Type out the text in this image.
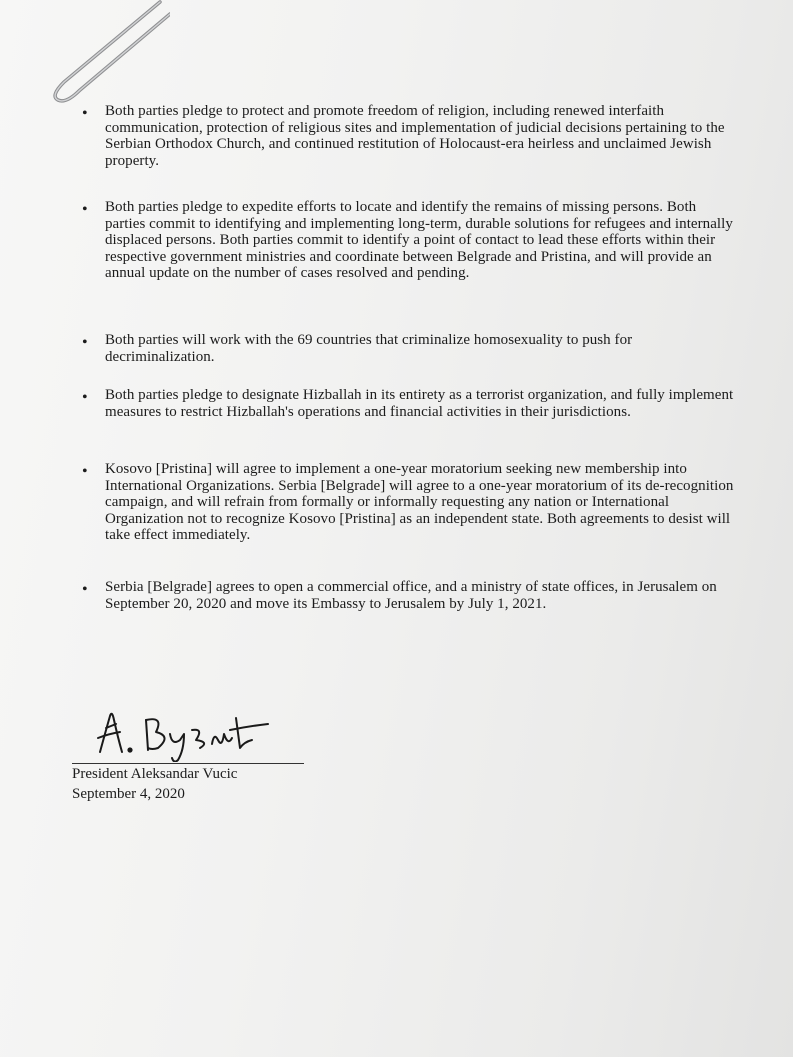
• Both parties pledge to protect and promote freedom of religion, including renewed interfaith communication, protection of religious sites and implementation of judicial decisions pertaining to the Serbian Orthodox Church, and continued restitution of Holocaust-era heirless and unclaimed Jewish property.
• Both parties pledge to expedite efforts to locate and identify the remains of missing persons. Both parties commit to identifying and implementing long-term, durable solutions for refugees and internally displaced persons. Both parties commit to identify a point of contact to lead these efforts within their respective government ministries and coordinate between Belgrade and Pristina, and will provide an annual update on the number of cases resolved and pending.
• Both parties will work with the 69 countries that criminalize homosexuality to push for decriminalization.
• Both parties pledge to designate Hizballah in its entirety as a terrorist organization, and fully implement measures to restrict Hizballah's operations and financial activities in their jurisdictions.
• Kosovo [Pristina] will agree to implement a one-year moratorium seeking new membership into International Organizations. Serbia [Belgrade] will agree to a one-year moratorium of its de-recognition campaign, and will refrain from formally or informally requesting any nation or International Organization not to recognize Kosovo [Pristina] as an independent state. Both agreements to desist will take effect immediately.
• Serbia [Belgrade] agrees to open a commercial office, and a ministry of state offices, in Jerusalem on September 20, 2020 and move its Embassy to Jerusalem by July 1, 2021.
President Aleksandar Vucic
September 4, 2020
